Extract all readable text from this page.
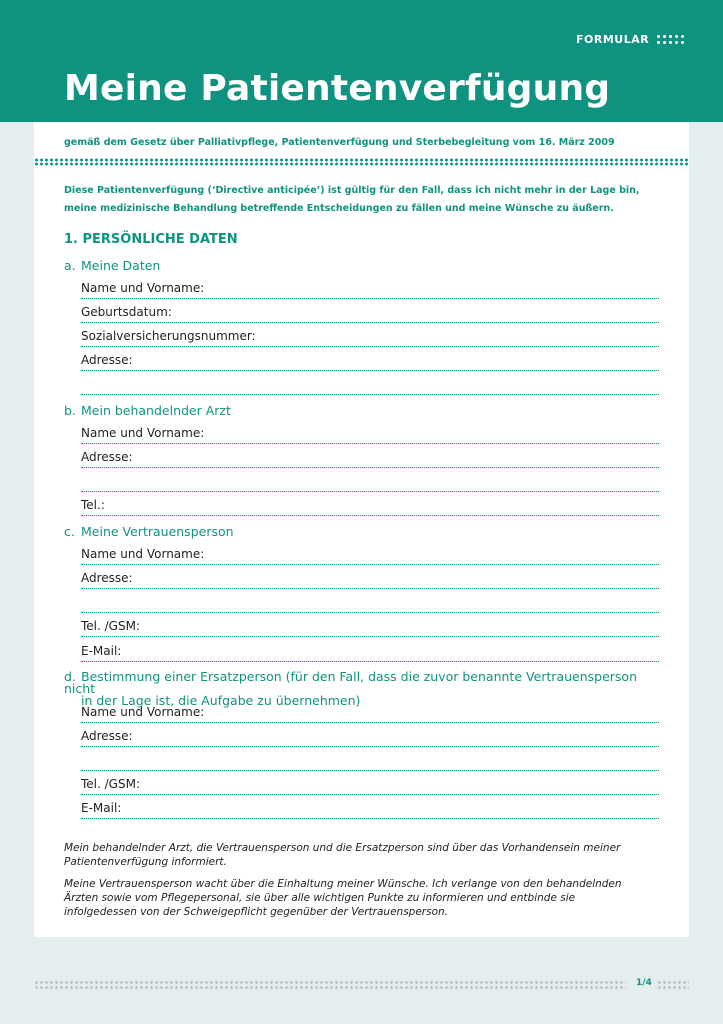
FORMULAR
Meine Patientenverfügung
gemäß dem Gesetz über Palliativpflege, Patientenverfügung und Sterbebegleitung vom 16. März 2009
Diese Patientenverfügung (‘Directive anticipée’) ist gültig für den Fall, dass ich nicht mehr in der Lage bin,
meine medizinische Behandlung betreffende Entscheidungen zu fällen und meine Wünsche zu äußern.
1. PERSÖNLICHE DATEN
a. Meine Daten
Name und Vorname:
Geburtsdatum:
Sozialversicherungsnummer:
Adresse:
b. Mein behandelnder Arzt
Name und Vorname:
Adresse:
Tel.:
c. Meine Vertrauensperson
Name und Vorname:
Adresse:
Tel. /GSM:
E-Mail:
d. Bestimmung einer Ersatzperson (für den Fall, dass die zuvor benannte Vertrauensperson nicht
in der Lage ist, die Aufgabe zu übernehmen)
Name und Vorname:
Adresse:
Tel. /GSM:
E-Mail:
Mein behandelnder Arzt, die Vertrauensperson und die Ersatzperson sind über das Vorhandensein meiner
Patientenverfügung informiert.
Meine Vertrauensperson wacht über die Einhaltung meiner Wünsche. Ich verlange von den behandelnden
Ärzten sowie vom Pflegepersonal, sie über alle wichtigen Punkte zu informieren und entbinde sie
infolgedessen von der Schweigepflicht gegenüber der Vertrauensperson.
1/4
